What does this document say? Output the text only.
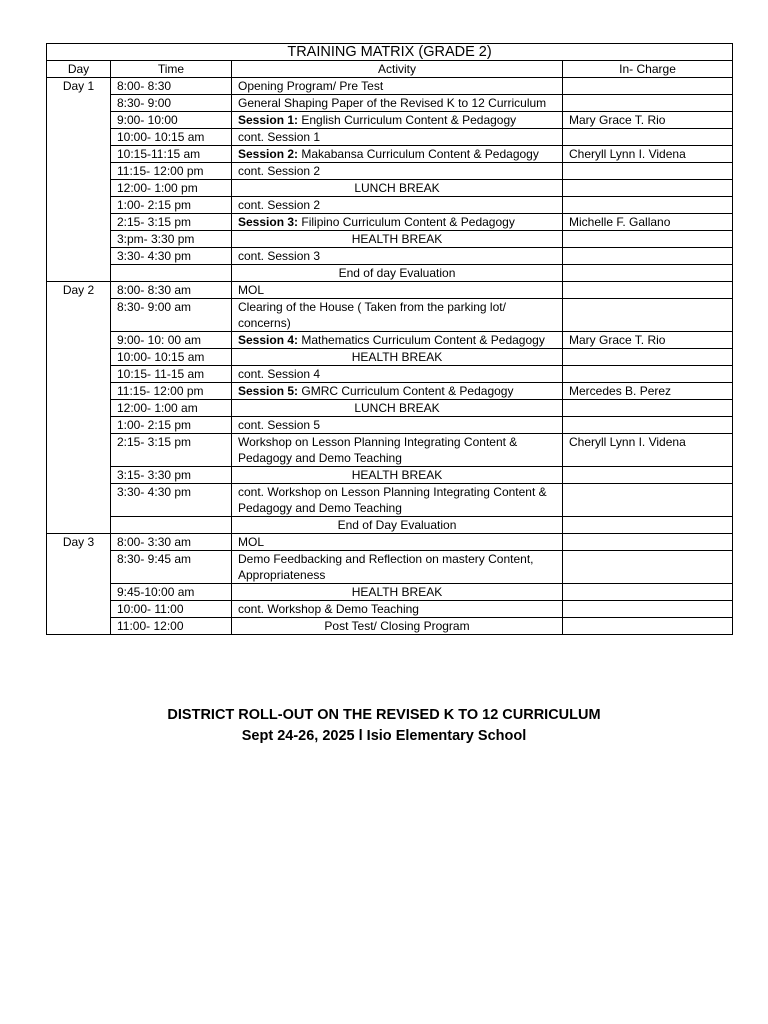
TRAINING MATRIX (GRADE 2)			
Day	Time	Activity	In- Charge
Day 1	8:00- 8:30	Opening Program/ Pre Test	
	8:30- 9:00	General Shaping Paper of the Revised K to 12 Curriculum	
	9:00- 10:00	Session 1: English Curriculum Content & Pedagogy	Mary Grace T. Rio
	10:00- 10:15 am	cont. Session 1	
	10:15-11:15 am	Session 2: Makabansa Curriculum Content & Pedagogy	Cheryll Lynn I. Videna
	11:15- 12:00 pm	cont. Session 2	
	12:00- 1:00 pm	LUNCH BREAK	
	1:00- 2:15 pm	cont. Session 2	
	2:15- 3:15 pm	Session 3: Filipino Curriculum Content & Pedagogy	Michelle F. Gallano
	3:pm- 3:30 pm	HEALTH BREAK	
	3:30- 4:30 pm	cont. Session 3	
		End of day Evaluation	
Day 2	8:00- 8:30 am	MOL	
	8:30- 9:00 am	Clearing of the House ( Taken from the parking lot/ concerns)	
	9:00- 10: 00 am	Session 4: Mathematics Curriculum Content & Pedagogy	Mary Grace T. Rio
	10:00- 10:15 am	HEALTH BREAK	
	10:15- 11-15 am	cont. Session 4	
	11:15- 12:00 pm	Session 5: GMRC Curriculum Content & Pedagogy	Mercedes B. Perez
	12:00- 1:00 am	LUNCH BREAK	
	1:00- 2:15 pm	cont. Session 5	
	2:15- 3:15 pm	Workshop on Lesson Planning Integrating Content & Pedagogy and Demo Teaching	Cheryll Lynn I. Videna
	3:15- 3:30 pm	HEALTH BREAK	
	3:30- 4:30 pm	cont. Workshop on Lesson Planning Integrating Content & Pedagogy and Demo Teaching	
		End of Day Evaluation	
Day 3	8:00- 3:30 am	MOL	
	8:30- 9:45 am	Demo Feedbacking and Reflection on mastery Content, Appropriateness	
	9:45-10:00 am	HEALTH BREAK	
	10:00- 11:00	cont. Workshop & Demo Teaching	
	11:00- 12:00	Post Test/ Closing Program	
DISTRICT ROLL-OUT ON THE REVISED K TO 12 CURRICULUM
Sept 24-26, 2025 l Isio Elementary School
